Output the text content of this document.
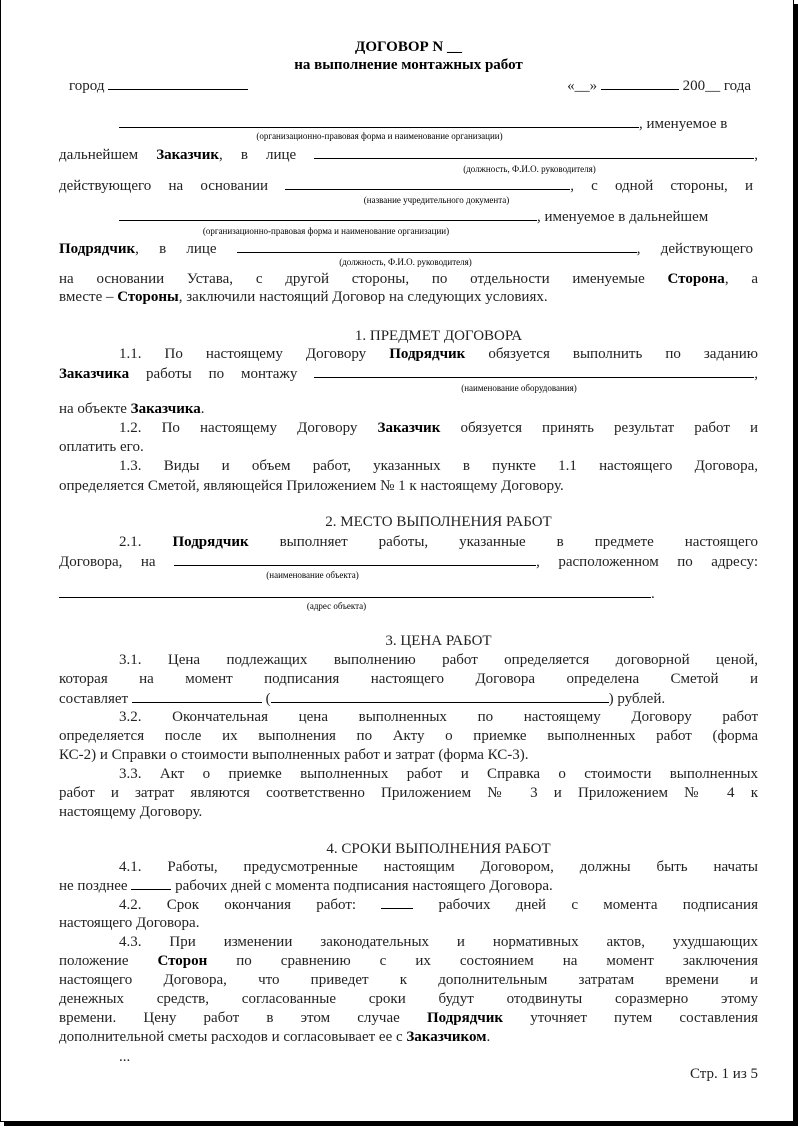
ДОГОВОР N __
на выполнение монтажных работ
город	«__»	200__ года
, именуемое в
(организационно-правовая форма и наименование организации)
дальнейшем Заказчик, в лице	,
(должность, Ф.И.О. руководителя)
действующего на основании	, с одной стороны, и
(название учредительного документа)
, именуемое в дальнейшем
(организационно-правовая форма и наименование организации)
Подрядчик, в лице	, действующего
(должность, Ф.И.О. руководителя)
на основании Устава, с другой стороны, по отдельности именуемые Сторона, а
вместе – Стороны, заключили настоящий Договор на следующих условиях.
1. ПРЕДМЕТ ДОГОВОРА
1.1. По настоящему Договору Подрядчик обязуется выполнить по заданию
Заказчика работы по монтажу	,
(наименование оборудования)
на объекте Заказчика.
1.2. По настоящему Договору Заказчик обязуется принять результат работ и
оплатить его.
1.3. Виды и объем работ, указанных в пункте 1.1 настоящего Договора,
определяется Сметой, являющейся Приложением № 1 к настоящему Договору.
2. МЕСТО ВЫПОЛНЕНИЯ РАБОТ
2.1. Подрядчик выполняет работы, указанные в предмете настоящего
Договора, на	, расположенном по адресу:
(наименование объекта)
.
(адрес объекта)
3. ЦЕНА РАБОТ
3.1. Цена подлежащих выполнению работ определяется договорной ценой,
которая на момент подписания настоящего Договора определена Сметой и
составляет	(	) рублей.
3.2. Окончательная цена выполненных по настоящему Договору работ
определяется после их выполнения по Акту о приемке выполненных работ (форма
КС-2) и Справки о стоимости выполненных работ и затрат (форма КС-3).
3.3. Акт о приемке выполненных работ и Справка о стоимости выполненных
работ и затрат являются соответственно Приложением № 3 и Приложением № 4 к
настоящему Договору.
4. СРОКИ ВЫПОЛНЕНИЯ РАБОТ
4.1. Работы, предусмотренные настоящим Договором, должны быть начаты
не позднее	рабочих дней с момента подписания настоящего Договора.
4.2. Срок окончания работ:  рабочих дней с момента подписания
настоящего Договора.
4.3. При изменении законодательных и нормативных актов, ухудшающих
положение Сторон по сравнению с их состоянием на момент заключения
настоящего Договора, что приведет к дополнительным затратам времени и
денежных средств, согласованные сроки будут отодвинуты соразмерно этому
времени. Цену работ в этом случае Подрядчик уточняет путем составления
дополнительной сметы расходов и согласовывает ее с Заказчиком.
...
Стр. 1 из 5
